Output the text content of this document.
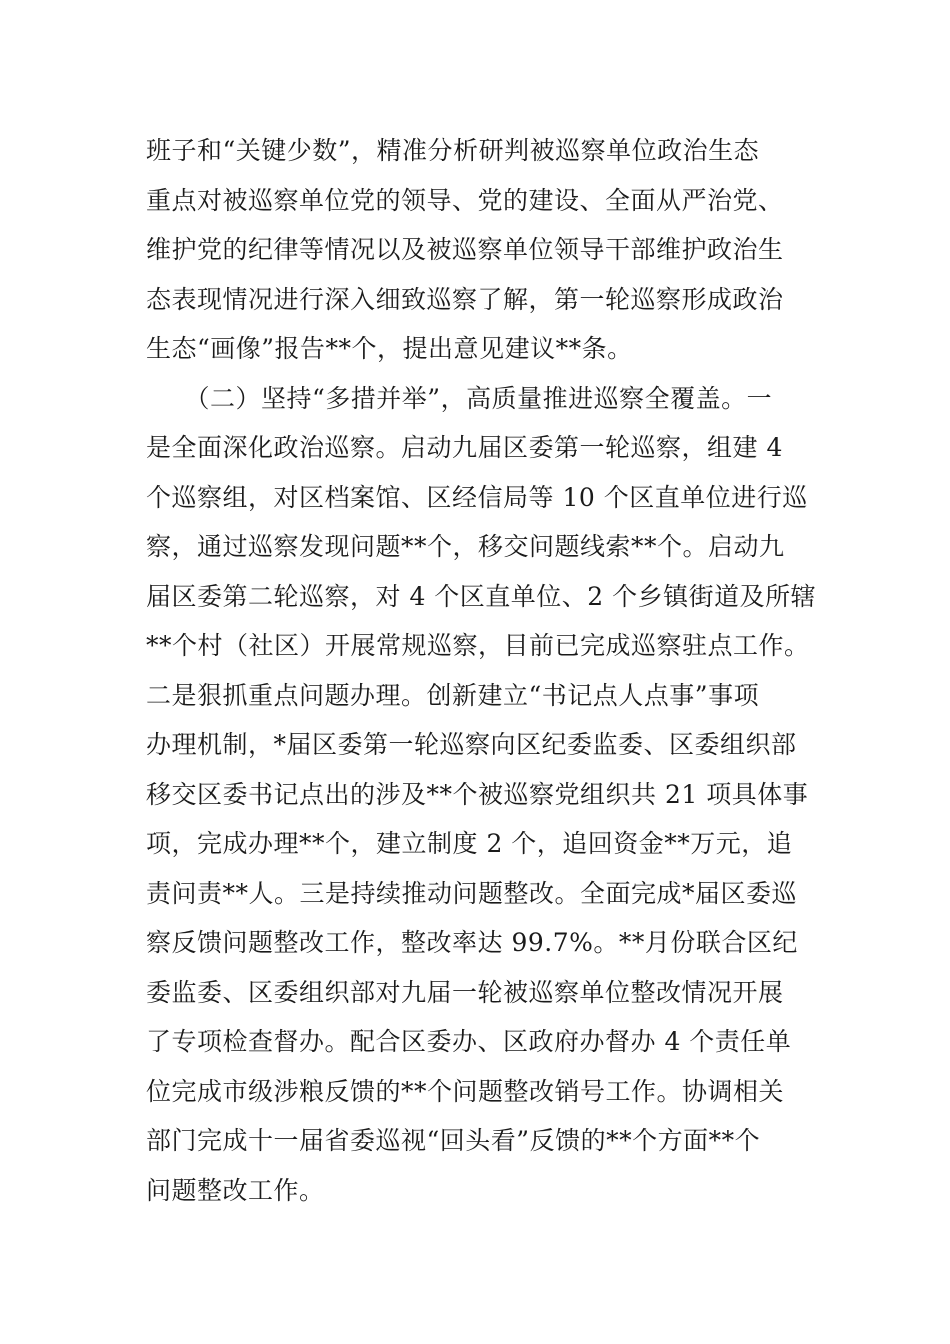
班子和“关键少数”，精准分析研判被巡察单位政治生态
重点对被巡察单位党的领导、党的建设、全面从严治党、
维护党的纪律等情况以及被巡察单位领导干部维护政治生
态表现情况进行深入细致巡察了解，第一轮巡察形成政治
生态“画像”报告**个，提出意见建议**条。
　　（二）坚持“多措并举”，高质量推进巡察全覆盖。一
是全面深化政治巡察。启动九届区委第一轮巡察，组建 4
个巡察组，对区档案馆、区经信局等 10 个区直单位进行巡
察，通过巡察发现问题**个，移交问题线索**个。启动九
届区委第二轮巡察，对 4 个区直单位、2 个乡镇街道及所辖
**个村（社区）开展常规巡察，目前已完成巡察驻点工作。
二是狠抓重点问题办理。创新建立“书记点人点事”事项
办理机制，*届区委第一轮巡察向区纪委监委、区委组织部
移交区委书记点出的涉及**个被巡察党组织共 21 项具体事
项，完成办理**个，建立制度 2 个，追回资金**万元，追
责问责**人。三是持续推动问题整改。全面完成*届区委巡
察反馈问题整改工作，整改率达 99.7%。**月份联合区纪
委监委、区委组织部对九届一轮被巡察单位整改情况开展
了专项检查督办。配合区委办、区政府办督办 4 个责任单
位完成市级涉粮反馈的**个问题整改销号工作。协调相关
部门完成十一届省委巡视“回头看”反馈的**个方面**个
问题整改工作。
